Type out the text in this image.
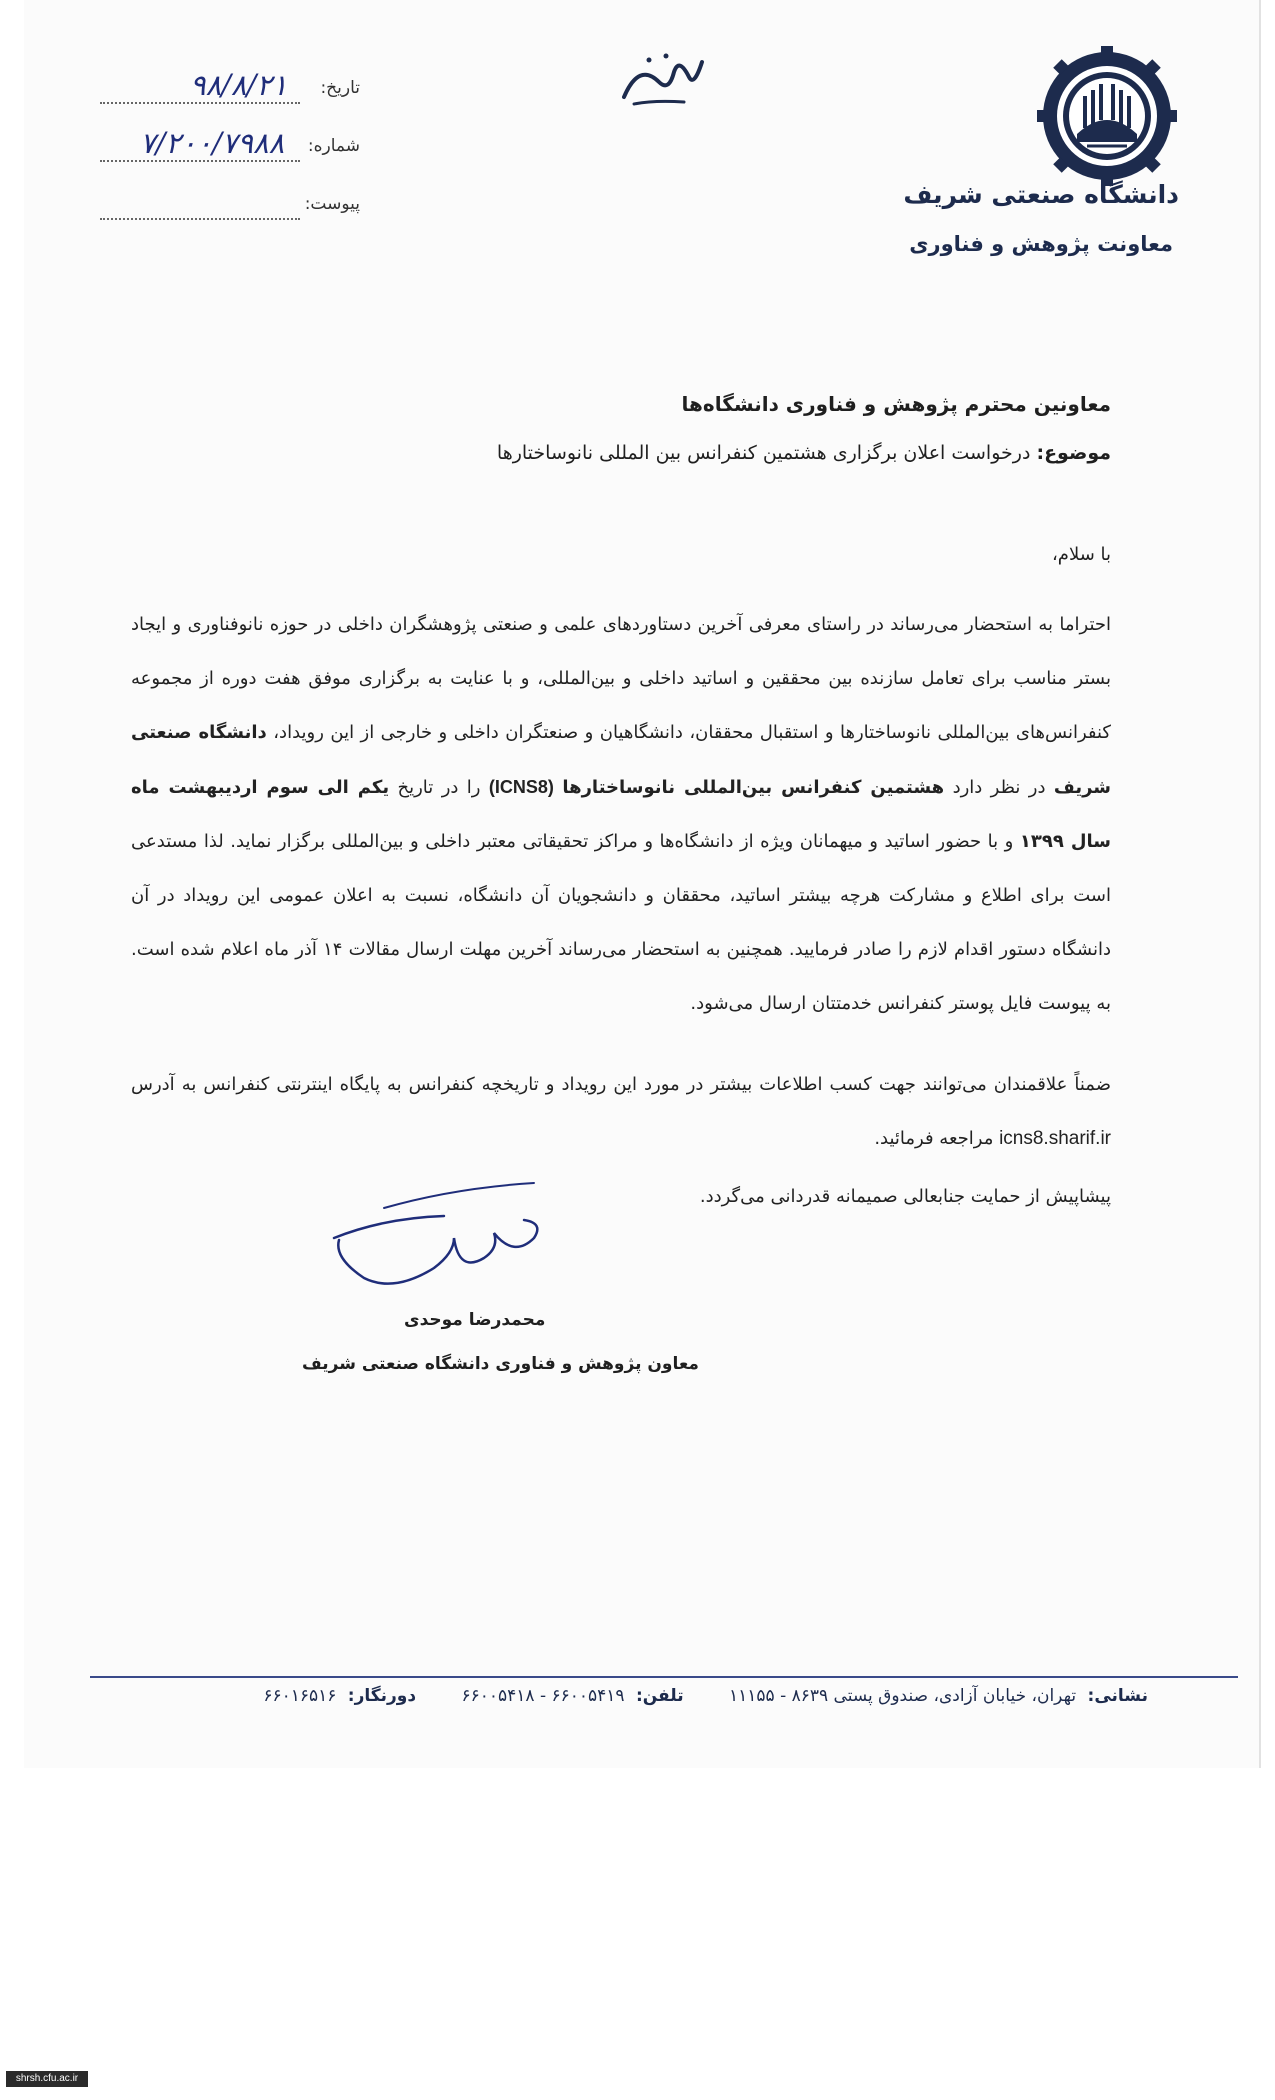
دانشگاه صنعتی شریف
معاونت پژوهش و فناوری
تاریخ:
۹۸/۸/۲۱
شماره:
۷/۲۰۰/۷۹۸۸
پیوست:
معاونین محترم پژوهش و فناوری دانشگاه‌ها
موضوع: درخواست اعلان برگزاری هشتمین کنفرانس بین المللی نانوساختارها
با سلام،
احتراما به استحضار می‌رساند در راستای معرفی آخرین دستاوردهای علمی و صنعتی پژوهشگران داخلی در حوزه نانوفناوری و ایجاد بستر مناسب برای تعامل سازنده بین محققین و اساتید داخلی و بین‌المللی، و با عنایت به برگزاری موفق هفت دوره از مجموعه کنفرانس‌های بین‌المللی نانوساختارها و استقبال محققان، دانشگاهیان و صنعتگران داخلی و خارجی از این رویداد، دانشگاه صنعتی شریف در نظر دارد هشتمین کنفرانس بین‌المللی نانوساختارها (ICNS8) را در تاریخ یکم الی سوم اردیبهشت ماه سال ۱۳۹۹ و با حضور اساتید و میهمانان ویژه از دانشگاه‌ها و مراکز تحقیقاتی معتبر داخلی و بین‌المللی برگزار نماید. لذا مستدعی است برای اطلاع و مشارکت هرچه بیشتر اساتید، محققان و دانشجویان آن دانشگاه، نسبت به اعلان عمومی این رویداد در آن دانشگاه دستور اقدام لازم را صادر فرمایید. همچنین به استحضار می‌رساند آخرین مهلت ارسال مقالات ۱۴ آذر ماه اعلام شده است. به پیوست فایل پوستر کنفرانس خدمتتان ارسال می‌شود.
ضمناً علاقمندان می‌توانند جهت کسب اطلاعات بیشتر در مورد این رویداد و تاریخچه کنفرانس به پایگاه اینترنتی کنفرانس به آدرس icns8.sharif.ir مراجعه فرمائید.
پیشاپیش از حمایت جنابعالی صمیمانه قدردانی می‌گردد.
محمدرضا موحدی
معاون پژوهش و فناوری دانشگاه صنعتی شریف
نشانی: تهران، خیابان آزادی، صندوق پستی ۸۶۳۹ - ۱۱۱۵۵ تلفن: ۶۶۰۰۵۴۱۹ - ۶۶۰۰۵۴۱۸ دورنگار: ۶۶۰۱۶۵۱۶
shrsh.cfu.ac.ir
